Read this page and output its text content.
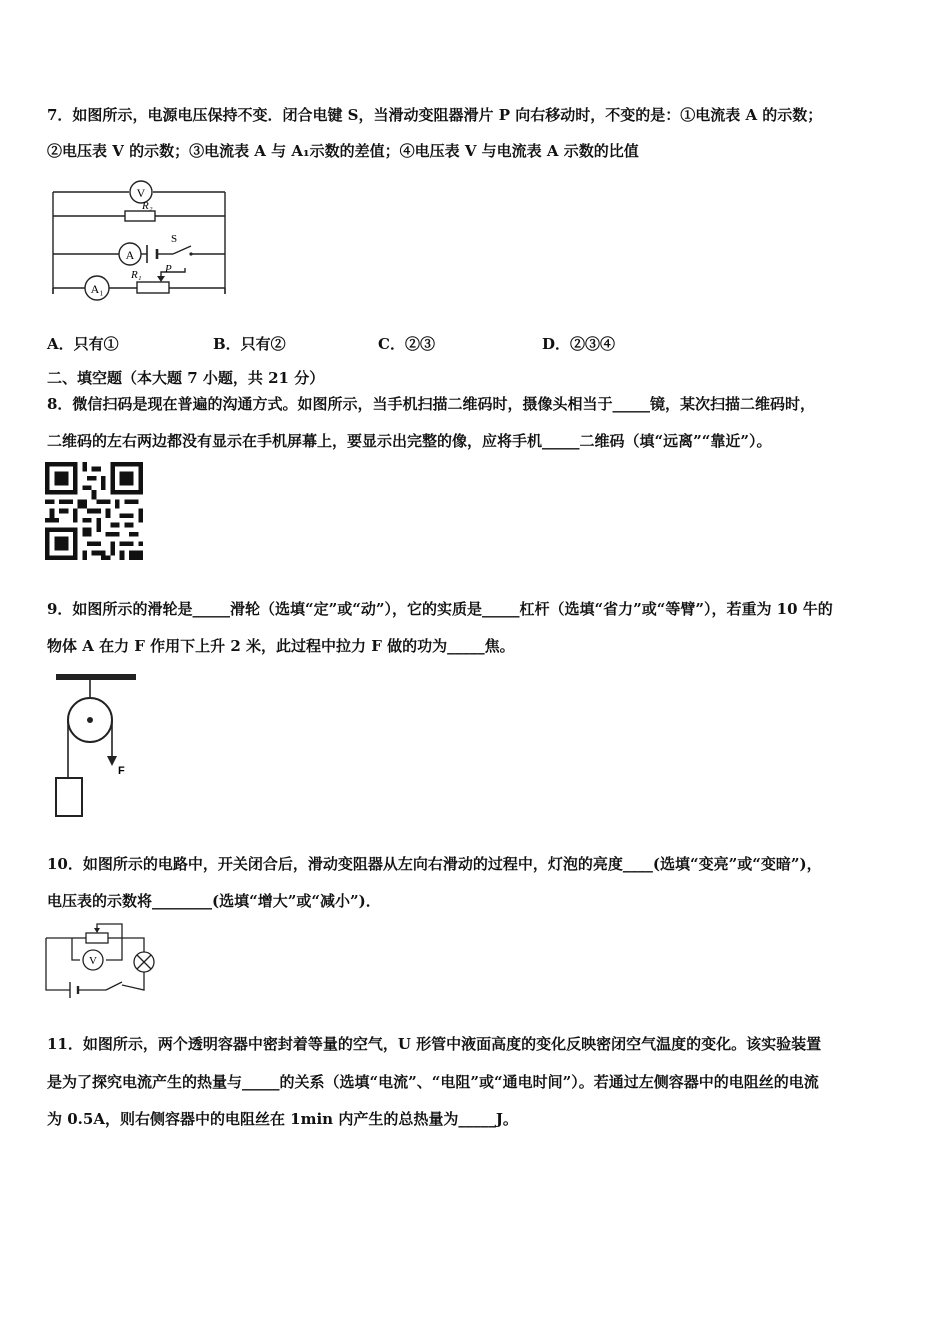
7．如图所示，电源电压保持不变．闭合电键 S，当滑动变阻器滑片 P 向右移动时，不变的是：①电流表 A 的示数；
②电压表 V 的示数；③电流表 A 与 A₁示数的差值；④电压表 V 与电流表 A 示数的比值
V
R₂
A
S
A₁
R₁ P
A．只有①	B．只有②	C．②③	D．②③④
二、填空题（本大题 7 小题，共 21 分）
8．微信扫码是现在普遍的沟通方式。如图所示，当手机扫描二维码时，摄像头相当于_____镜，某次扫描二维码时，
二维码的左右两边都没有显示在手机屏幕上，要显示出完整的像，应将手机_____二维码（填“远离”“靠近”）。
9．如图所示的滑轮是_____滑轮（选填“定”或“动”），它的实质是_____杠杆（选填“省力”或“等臂”），若重为 10 牛的
物体 A 在力 F 作用下上升 2 米，此过程中拉力 F 做的功为_____焦。
F
10．如图所示的电路中，开关闭合后，滑动变阻器从左向右滑动的过程中，灯泡的亮度____(选填“变亮”或“变暗”)，
电压表的示数将________(选填“增大”或“减小”)．
V
11．如图所示，两个透明容器中密封着等量的空气，U 形管中液面高度的变化反映密闭空气温度的变化。该实验装置
是为了探究电流产生的热量与_____的关系（选填“电流”、“电阻”或“通电时间”）。若通过左侧容器中的电阻丝的电流
为 0.5A，则右侧容器中的电阻丝在 1min 内产生的总热量为_____J。
